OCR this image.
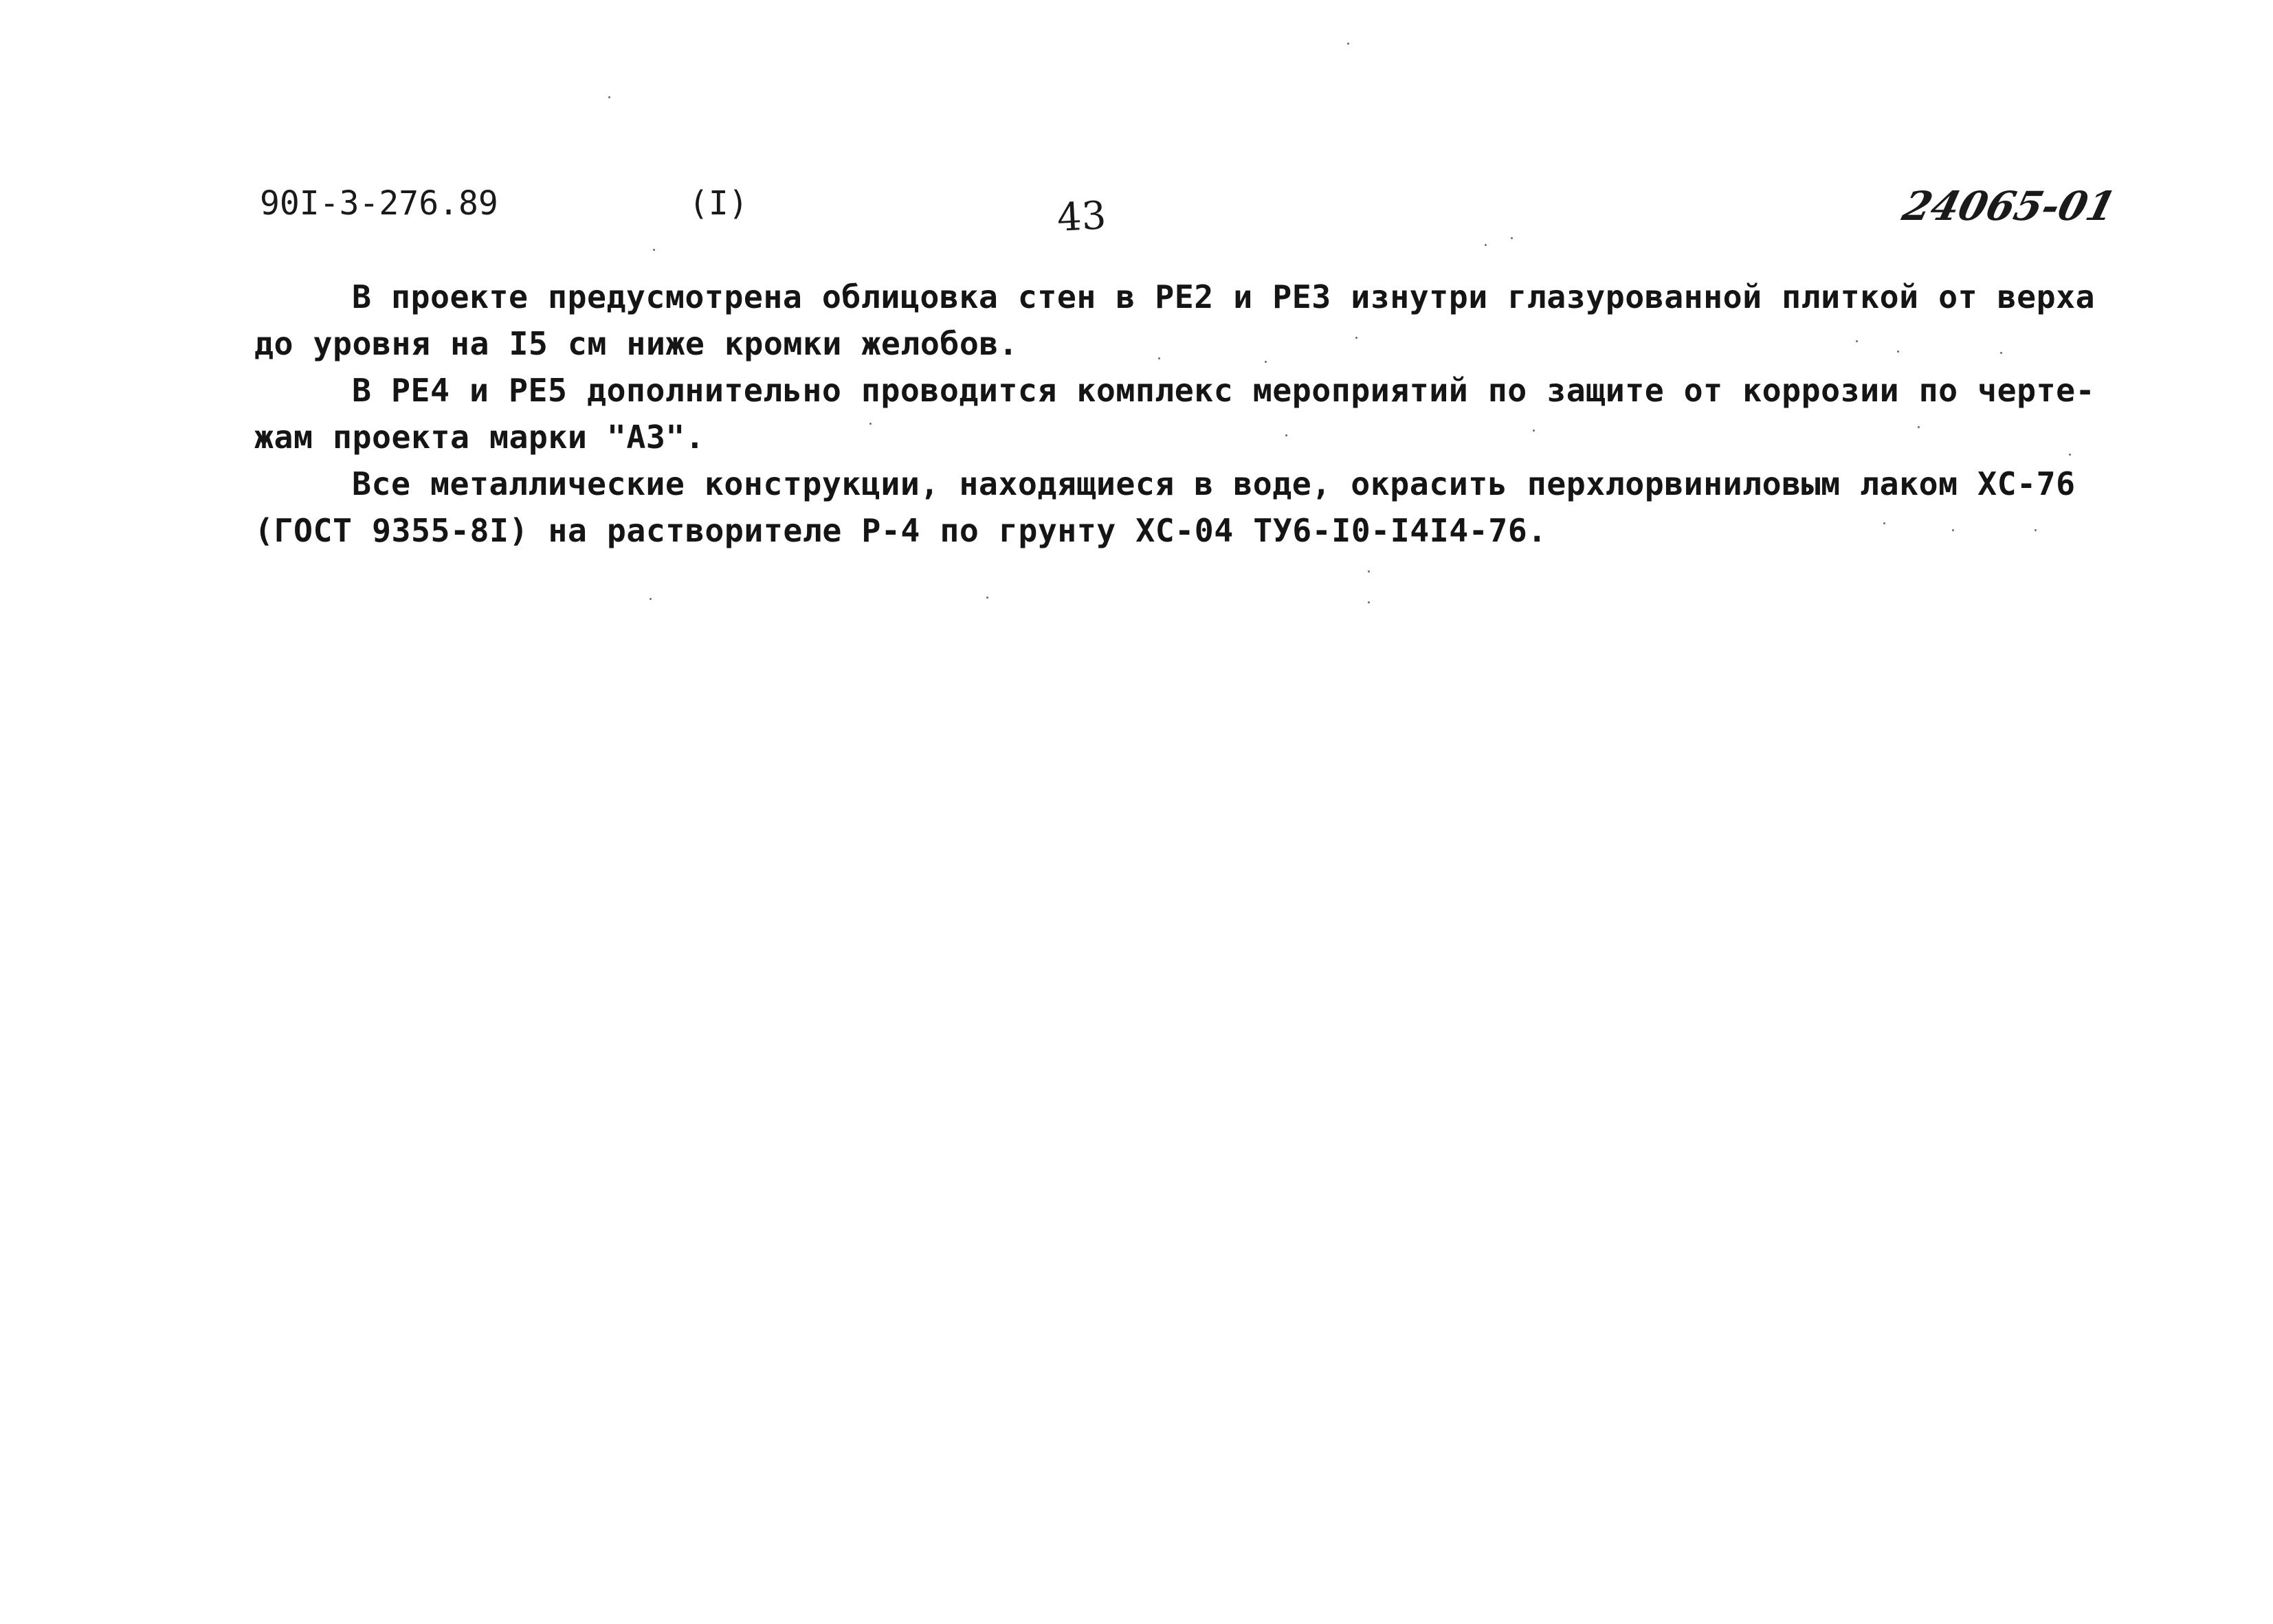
90I-3-276.89	(I)	43	24065-01
В проекте предусмотрена облицовка стен в РЕ2 и РЕ3 изнутри глазурованной плиткой от верха
до уровня на I5 см ниже кромки желобов.
В РЕ4 и РЕ5 дополнительно проводится комплекс мероприятий по защите от коррозии по черте-
жам проекта марки "АЗ".
Все металлические конструкции, находящиеся в воде, окрасить перхлорвиниловым лаком ХС-76
(ГОСТ 9355-8I) на растворителе Р-4 по грунту ХС-04 ТУ6-I0-I4I4-76.
